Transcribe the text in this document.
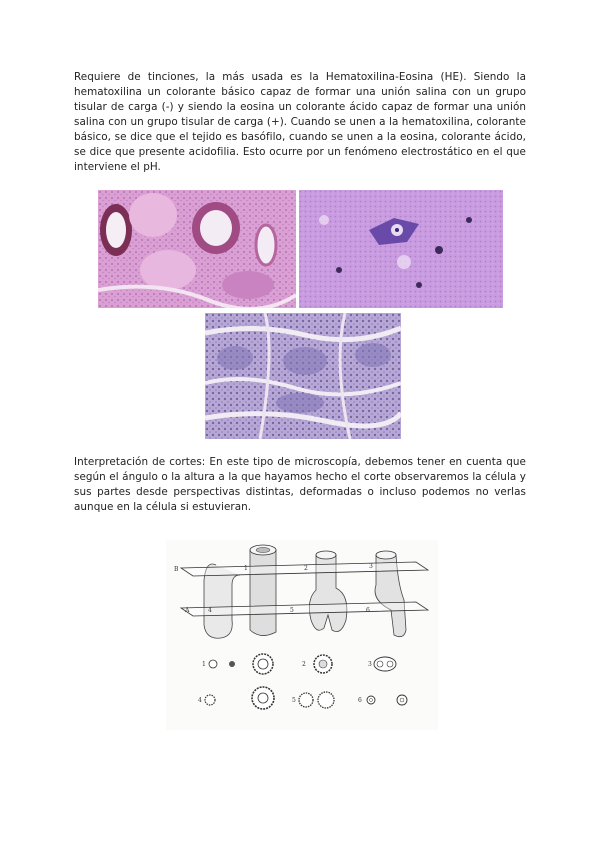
Requiere de tinciones, la más usada es la Hematoxilina-Eosina (HE). Siendo la hematoxilina un colorante básico capaz de formar una unión salina con un grupo tisular de carga (-) y siendo la eosina un colorante ácido capaz de formar una unión salina con un grupo tisular de carga (+). Cuando se unen a la hematoxilina, colorante básico, se dice que el tejido es basófilo, cuando se unen a la eosina, colorante ácido, se dice que presente acidofilia. Esto ocurre por un fenómeno electrostático en el que interviene el pH.

Interpretación de cortes: En este tipo de microscopía, debemos tener en cuenta que según el ángulo o la altura a la que hayamos hecho el corte observaremos la célula y sus partes desde perspectivas distintas, deformadas o incluso podemos no verlas aunque en la célula si estuvieran.

B
A
1	2	3
4	5	6
1	2	3
4	5	6
